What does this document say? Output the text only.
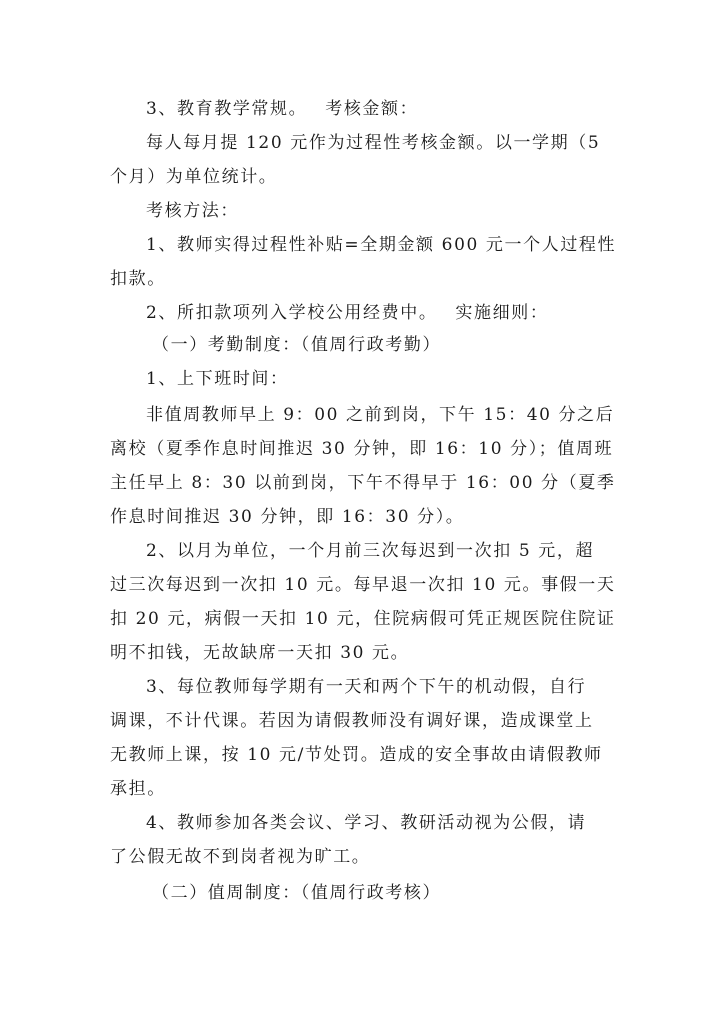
3、教育教学常规。 考核金额：
每人每月提 120 元作为过程性考核金额。以一学期（5
个月）为单位统计。
考核方法：
1、教师实得过程性补贴=全期金额 600 元一个人过程性
扣款。
2、所扣款项列入学校公用经费中。 实施细则：
（一）考勤制度：（值周行政考勤）
1、上下班时间：
非值周教师早上 9：00 之前到岗，下午 15：40 分之后
离校（夏季作息时间推迟 30 分钟，即 16：10 分）；值周班
主任早上 8：30 以前到岗，下午不得早于 16：00 分（夏季
作息时间推迟 30 分钟，即 16：30 分）。
2、以月为单位，一个月前三次每迟到一次扣 5 元，超
过三次每迟到一次扣 10 元。每早退一次扣 10 元。事假一天
扣 20 元，病假一天扣 10 元，住院病假可凭正规医院住院证
明不扣钱，无故缺席一天扣 30 元。
3、每位教师每学期有一天和两个下午的机动假，自行
调课，不计代课。若因为请假教师没有调好课，造成课堂上
无教师上课，按 10 元/节处罚。造成的安全事故由请假教师
承担。
4、教师参加各类会议、学习、教研活动视为公假，请
了公假无故不到岗者视为旷工。
（二）值周制度：（值周行政考核）
